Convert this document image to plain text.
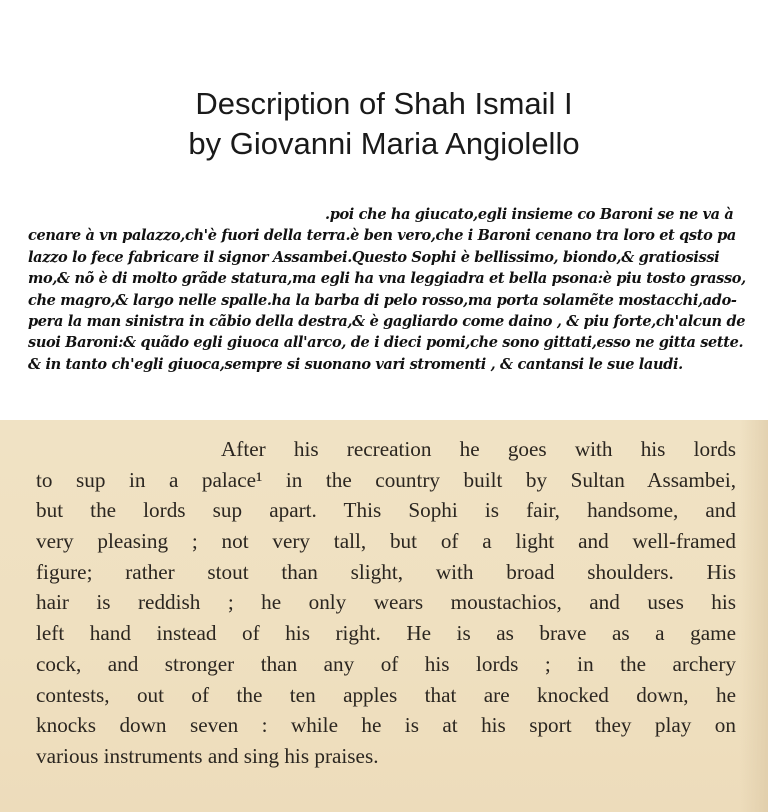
Description of Shah Ismail I
by Giovanni Maria Angiolello
.poi che ha giucato,egli insieme co Baroni se ne va à
cenare à vn palazzo,ch'è fuori della terra.è ben vero,che i Baroni cenano tra loro et qsto pa
lazzo lo fece fabricare il signor Assambei.Questo Sophi è bellissimo, biondo,& gratiosissi
mo,& nõ è di molto grãde statura,ma egli ha vna leggiadra et bella psona:è piu tosto grasso,
che magro,& largo nelle spalle.ha la barba di pelo rosso,ma porta solamẽte mostacchi,ado-
pera la man sinistra in cãbio della destra,& è gagliardo come daino , & piu forte,ch'alcun de
suoi Baroni:& quãdo egli giuoca all'arco, de i dieci pomi,che sono gittati,esso ne gitta sette.
& in tanto ch'egli giuoca,sempre si suonano vari stromenti , & cantansi le sue laudi.
After his recreation he goes with his lords
to sup in a palace¹ in the country built by Sultan Assambei,
but the lords sup apart. This Sophi is fair, handsome, and
very pleasing ; not very tall, but of a light and well-framed
figure; rather stout than slight, with broad shoulders. His
hair is reddish ; he only wears moustachios, and uses his
left hand instead of his right. He is as brave as a game
cock, and stronger than any of his lords ; in the archery
contests, out of the ten apples that are knocked down, he
knocks down seven : while he is at his sport they play on
various instruments and sing his praises.
